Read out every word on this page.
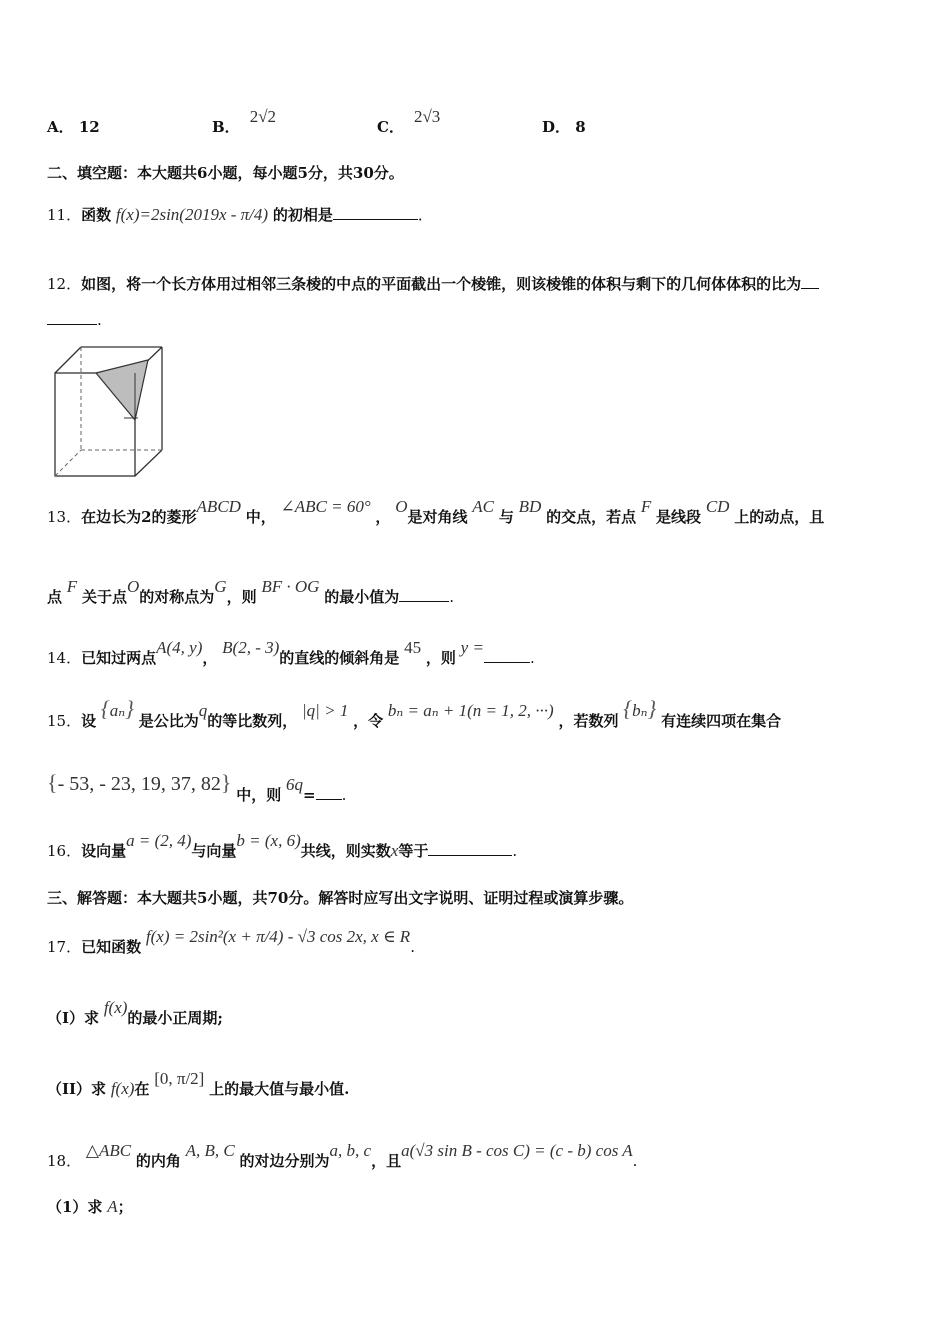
A． 12	B．2√2
C．2√3
D． 8
二、填空题：本大题共6小题，每小题5分，共30分。
11．函数 f(x)=2sin(2019x - π/4) 的初相是	．
12．如图，将一个长方体用过相邻三条棱的中点的平面截出一个棱锥，则该棱锥的体积与剩下的几何体体积的比为
.
13．在边长为2的菱形ABCD 中， ∠ABC = 60° ， O是对角线 AC 与 BD 的交点，若点 F 是线段 CD 上的动点，且
点 F 关于点O的对称点为G，则 BF · OG 的最小值为	.
14．已知过两点A(4, y)， B(2, - 3)的直线的倾斜角是 45 ，则 y =.
15．设 {aₙ} 是公比为q的等比数列， |q| > 1 ，令 bₙ = aₙ + 1(n = 1, 2, ···) ，若数列 {bₙ} 有连续四项在集合
{- 53, - 23, 19, 37, 82} 中，则 6q= .
16．设向量a = (2, 4)与向量b = (x, 6)共线，则实数x等于	.
三、解答题：本大题共5小题，共70分。解答时应写出文字说明、证明过程或演算步骤。
17．已知函数 f(x) = 2sin²(x + π/4) - √3 cos 2x, x ∈ R.
（I）求 f(x)的最小正周期;
（II）求 f(x)在 [0, π/2] 上的最大值与最小值.
18． △ABC 的内角 A, B, C 的对边分别为a, b, c，且a(√3 sin B - cos C) = (c - b) cos A.
（1）求 A；
